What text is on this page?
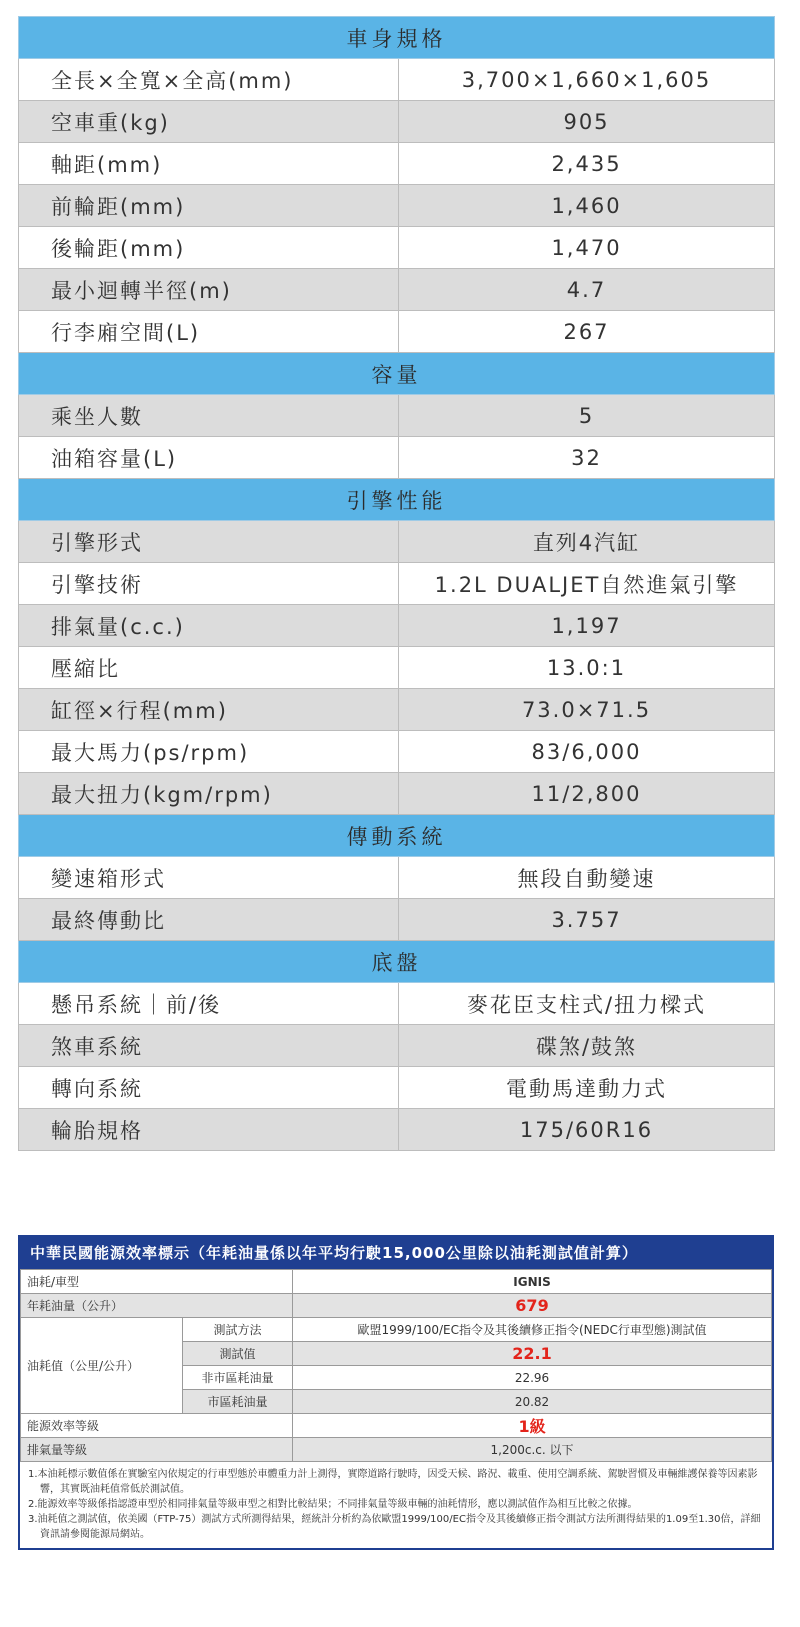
車身規格	
全長×全寬×全高(mm)	3,700×1,660×1,605
空車重(kg)	905
軸距(mm)	2,435
前輪距(mm)	1,460
後輪距(mm)	1,470
最小迴轉半徑(m)	4.7
行李廂空間(L)	267
容量	
乘坐人數	5
油箱容量(L)	32
引擎性能	
引擎形式	直列4汽缸
引擎技術	1.2L DUALJET自然進氣引擎
排氣量(c.c.)	1,197
壓縮比	13.0:1
缸徑×行程(mm)	73.0×71.5
最大馬力(ps/rpm)	83/6,000
最大扭力(kgm/rpm)	11/2,800
傳動系統	
變速箱形式	無段自動變速
最終傳動比	3.757
底盤	
懸吊系統｜前/後	麥花臣支柱式/扭力樑式
煞車系統	碟煞/鼓煞
轉向系統	電動馬達動力式
輪胎規格	175/60R16
中華民國能源效率標示（年耗油量係以年平均行駛15,000公里除以油耗測試值計算）
油耗/車型		IGNIS
年耗油量（公升）		679
油耗值（公里/公升）	測試方法	歐盟1999/100/EC指令及其後續修正指令(NEDC行車型態)測試值
	測試值	22.1
	非市區耗油量	22.96
	市區耗油量	20.82
能源效率等級		1級
排氣量等級		1,200c.c. 以下
1.本油耗標示數值係在實驗室內依規定的行車型態於車體重力計上測得，實際道路行駛時，因受天候、路況、載重、使用空調系統、駕駛習慣及車輛維護保養等因素影響，其實既油耗值常低於測試值。
2.能源效率等級係指認證車型於相同排氣量等級車型之相對比較結果；不同排氣量等級車輛的油耗情形，應以測試值作為相互比較之依據。
3.油耗值之測試值，依美國（FTP-75）測試方式所測得結果，經統計分析約為依歐盟1999/100/EC指令及其後續修正指令測試方法所測得結果的1.09至1.30倍，詳細資訊請參閱能源局網站。
